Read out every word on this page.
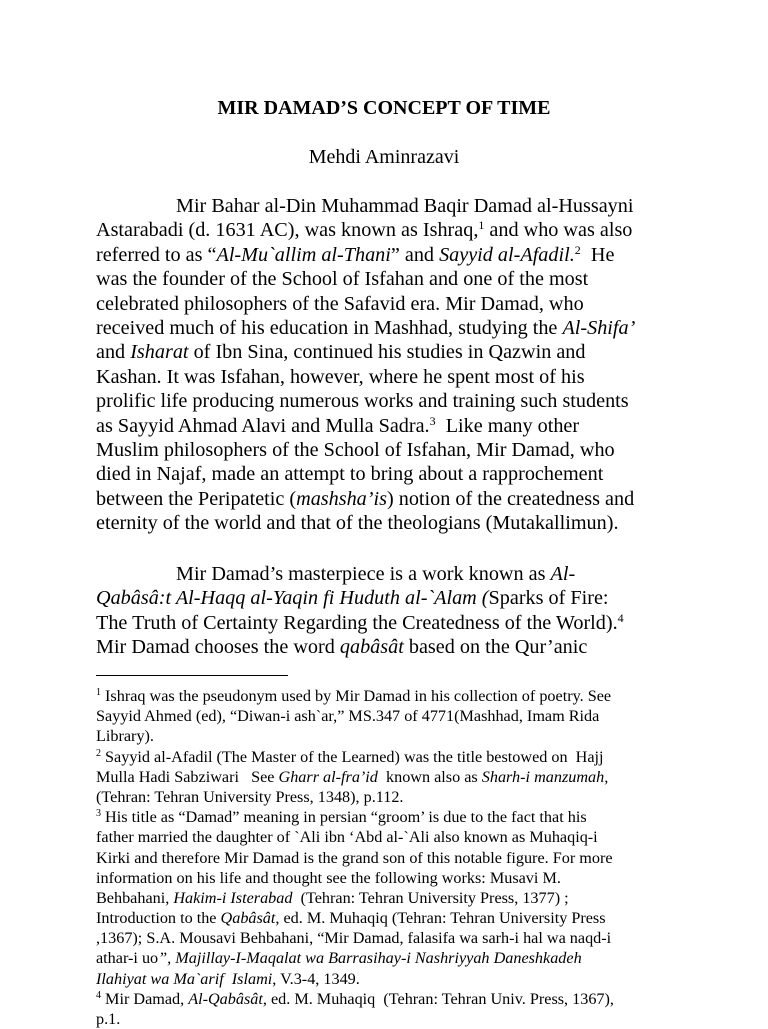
MIR DAMAD’S CONCEPT OF TIME
Mehdi Aminrazavi
Mir Bahar al-Din Muhammad Baqir Damad al-Hussayni
Astarabadi (d. 1631 AC), was known as Ishraq,$^1$ and who was also
referred to as “Al-Mu`allim al-Thani” and Sayyid al-Afadil.$^2$  He
was the founder of the School of Isfahan and one of the most
celebrated philosophers of the Safavid era. Mir Damad, who
received much of his education in Mashhad, studying the Al-Shifa’
and Isharat of Ibn Sina, continued his studies in Qazwin and
Kashan. It was Isfahan, however, where he spent most of his
prolific life producing numerous works and training such students
as Sayyid Ahmad Alavi and Mulla Sadra.$^3$  Like many other
Muslim philosophers of the School of Isfahan, Mir Damad, who
died in Najaf, made an attempt to bring about a rapprochement
between the Peripatetic (mashsha’is) notion of the createdness and
eternity of the world and that of the theologians (Mutakallimun).
Mir Damad’s masterpiece is a work known as Al-
Qabâsâ:t Al-Haqq al-Yaqin fi Huduth al-`Alam (Sparks of Fire:
The Truth of Certainty Regarding the Createdness of the World).$^4$
Mir Damad chooses the word qabâsât based on the Qur’anic
$^1$ Ishraq was the pseudonym used by Mir Damad in his collection of poetry. See
Sayyid Ahmed (ed), “Diwan-i ash`ar,” MS.347 of 4771(Mashhad, Imam Rida
Library).
$^2$ Sayyid al-Afadil (The Master of the Learned) was the title bestowed on  Hajj
Mulla Hadi Sabziwari   See Gharr al-fra’id  known also as Sharh-i manzumah,
(Tehran: Tehran University Press, 1348), p.112.
$^3$ His title as “Damad” meaning in persian “groom’ is due to the fact that his
father married the daughter of `Ali ibn ‘Abd al-`Ali also known as Muhaqiq-i
Kirki and therefore Mir Damad is the grand son of this notable figure. For more
information on his life and thought see the following works: Musavi M.
Behbahani, Hakim-i Isterabad  (Tehran: Tehran University Press, 1377) ;
Introduction to the Qabâsât, ed. M. Muhaqiq (Tehran: Tehran University Press
,1367); S.A. Mousavi Behbahani, “Mir Damad, falasifa wa sarh-i hal wa naqd-i
athar-i uo”, Majillay-I-Maqalat wa Barrasihay-i Nashriyyah Daneshkadeh
Ilahiyat wa Ma`arif  Islami, V.3-4, 1349.
$^4$ Mir Damad, Al-Qabâsât, ed. M. Muhaqiq  (Tehran: Tehran Univ. Press, 1367),
p.1.
